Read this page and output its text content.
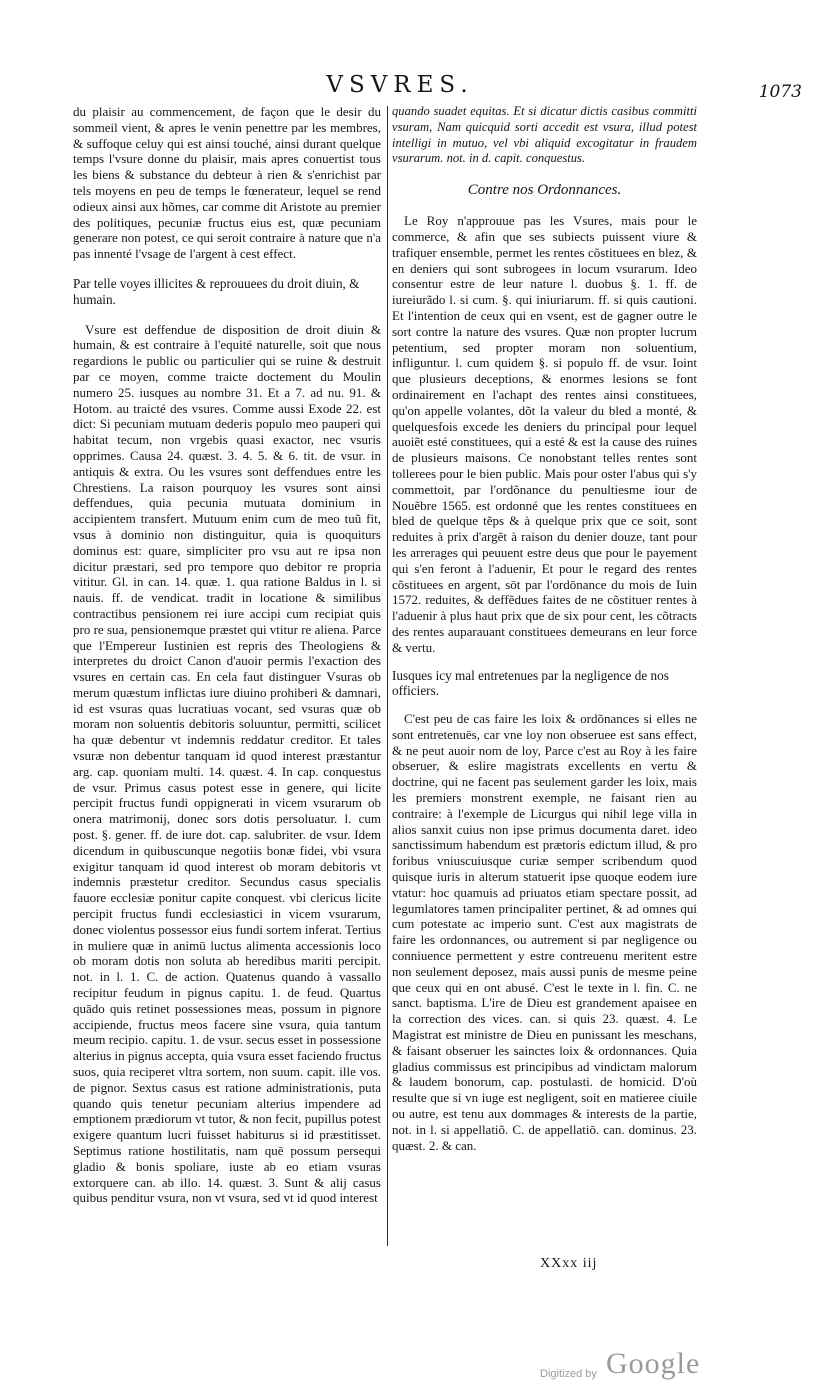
VSVRES.	1073

du plaisir au commencement, de façon que le desir du sommeil vient, & apres le venin penettre par les membres, & suffoque celuy qui est ainsi touché, ainsi durant quelque temps l'vsure donne du plaisir, mais apres conuertist tous les biens & substance du debteur à rien & s'enrichist par tels moyens en peu de temps le fœnerateur, lequel se rend odieux ainsi aux hõmes, car comme dit Aristote au premier des politiques, pecuniæ fructus eius est, quæ pecuniam generare non potest, ce qui seroit contraire à nature que n'a pas innenté l'vsage de l'argent à cest effect.

Par telle voyes illicites & reprouuees du droit diuin, & humain.

Vsure est deffendue de disposition de droit diuin & humain, & est contraire à l'equité naturelle, soit que nous regardions le public ou particulier qui se ruine & destruit par ce moyen, comme traicte doctement du Moulin numero 25. iusques au nombre 31. Et a 7. ad nu. 91. & Hotom. au traicté des vsures. Comme aussi Exode 22. est dict: Si pecuniam mutuam dederis populo meo pauperi qui habitat tecum, non vrgebis quasi exactor, nec vsuris opprimes. Causa 24. quæst. 3. 4. 5. & 6. tit. de vsur. in antiquis & extra. Ou les vsures sont deffendues entre les Chrestiens. La raison pourquoy les vsures sont ainsi deffendues, quia pecunia mutuata dominium in accipientem transfert. Mutuum enim cum de meo tuũ fit, vsus à dominio non distinguitur, quia is quoquiturs dominus est: quare, simpliciter pro vsu aut re ipsa non dicitur præstari, sed pro tempore quo debitor re propria vititur. Gl. in can. 14. quæ. 1. qua ratione Baldus in l. si nauis. ff. de vendicat. tradit in locatione & similibus contractibus pensionem rei iure accipi cum recipiat quis pro re sua, pensionemque præstet qui vtitur re aliena. Parce que l'Empereur Iustinien est repris des Theologiens & interpretes du droict Canon d'auoir permis l'exaction des vsures en certain cas. En cela faut distinguer Vsuras ob merum quæstum inflictas iure diuino prohiberi & damnari, id est vsuras quas lucratiuas vocant, sed vsuras quæ ob moram non soluentis debitoris soluuntur, permitti, scilicet ha quæ debentur vt indemnis reddatur creditor. Et tales vsuræ non debentur tanquam id quod interest præstantur arg. cap. quoniam multi. 14. quæst. 4. In cap. conquestus de vsur. Primus casus potest esse in genere, qui licite percipit fructus fundi oppignerati in vicem vsurarum ob onera matrimonij, donec sors dotis persoluatur. l. cum post. §. gener. ff. de iure dot. cap. salubriter. de vsur. Idem dicendum in quibuscunque negotiis bonæ fidei, vbi vsura exigitur tanquam id quod interest ob moram debitoris vt indemnis præstetur creditor. Secundus casus specialis fauore ecclesiæ ponitur capite conquest. vbi clericus licite percipit fructus fundi ecclesiastici in vicem vsurarum, donec violentus possessor eius fundi sortem inferat. Tertius in muliere quæ in animū luctus alimenta accessionis loco ob moram dotis non soluta ab heredibus mariti percipit. not. in l. 1. C. de action. Quatenus quando à vassallo recipitur feudum in pignus capitu. 1. de feud. Quartus quādo quis retinet possessiones meas, possum in pignore accipiende, fructus meos facere sine vsura, quia tantum meum recipio. capitu. 1. de vsur. secus esset in possessione alterius in pignus accepta, quia vsura esset faciendo fructus suos, quia reciperet vltra sortem, non suum. capit. ille vos. de pignor. Sextus casus est ratione administrationis, puta quando quis tenetur pecuniam alterius impendere ad emptionem prædiorum vt tutor, & non fecit, pupillus potest exigere quantum lucri fuisset habiturus si id præstitisset. Septimus ratione hostilitatis, nam quē possum persequi gladio & bonis spoliare, iuste ab eo etiam vsuras extorquere can. ab illo. 14. quæst. 3. Sunt & alij casus quibus penditur vsura, non vt vsura, sed vt id quod interest

quando suadet equitas. Et si dicatur dictis casibus committi vsuram, Nam quicquid sorti accedit est vsura, illud potest intelligi in mutuo, vel vbi aliquid excogitatur in fraudem vsurarum. not. in d. capit. conquestus.

Contre nos Ordonnances.

Le Roy n'approuue pas les Vsures, mais pour le commerce, & afin que ses subiects puissent viure & trafiquer ensemble, permet les rentes cõstituees en blez, & en deniers qui sont subrogees in locum vsurarum. Ideo consentur estre de leur nature l. duobus §. 1. ff. de iureiurãdo l. si cum. §. qui iniuriarum. ff. si quis cautioni. Et l'intention de ceux qui en vsent, est de gagner outre le sort contre la nature des vsures. Quæ non propter lucrum petentium, sed propter moram non soluentium, infliguntur. l. cum quidem §. si populo ff. de vsur. Ioint que plusieurs deceptions, & enormes lesions se font ordinairement en l'achapt des rentes ainsi constituees, qu'on appelle volantes, dõt la valeur du bled a monté, & quelquesfois excede les deniers du principal pour lequel auoiẽt esté constituees, qui a esté & est la cause des ruines de plusieurs maisons. Ce nonobstant telles rentes sont tollerees pour le bien public. Mais pour oster l'abus qui s'y commettoit, par l'ordõnance du penultiesme iour de Nouẽbre 1565. est ordonné que les rentes constituees en bled de quelque tẽps & à quelque prix que ce soit, sont reduites à prix d'argẽt à raison du denier douze, tant pour les arrerages qui peuuent estre deus que pour le payement qui s'en feront à l'aduenir, Et pour le regard des rentes cõstituees en argent, sōt par l'ordōnance du mois de Iuin 1572. reduites, & deffẽdues faites de ne cõstituer rentes à l'aduenir à plus haut prix que de six pour cent, les cõtracts des rentes auparauant constituees demeurans en leur force & vertu.

Iusques icy mal entretenues par la negligence de nos officiers.

C'est peu de cas faire les loix & ordõnances si elles ne sont entretenuës, car vne loy non obseruee est sans effect, & ne peut auoir nom de loy, Parce c'est au Roy à les faire obseruer, & eslire magistrats excellents en vertu & doctrine, qui ne facent pas seulement garder les loix, mais les premiers monstrent exemple, ne faisant rien au contraire: à l'exemple de Licurgus qui nihil lege villa in alios sanxit cuius non ipse primus documenta daret. ideo sanctissimum habendum est prætoris edictum illud, & pro foribus vniuscuiusque curiæ semper scribendum quod quisque iuris in alterum statuerit ipse quoque eodem iure vtatur: hoc quamuis ad priuatos etiam spectare possit, ad legumlatores tamen principaliter pertinet, & ad omnes qui cum potestate ac imperio sunt. C'est aux magistrats de faire les ordonnances, ou autrement si par negligence ou conniuence permettent y estre contreuenu meritent estre non seulement deposez, mais aussi punis de mesme peine que ceux qui en ont abusé. C'est le texte in l. fin. C. ne sanct. baptisma. L'ire de Dieu est grandement apaisee en la correction des vices. can. si quis 23. quæst. 4. Le Magistrat est ministre de Dieu en punissant les meschans, & faisant obseruer les sainctes loix & ordonnances. Quia gladius commissus est principibus ad vindictam malorum & laudem bonorum, cap. postulasti. de homicid. D'où resulte que si vn iuge est negligent, soit en matieree ciuile ou autre, est tenu aux dommages & interests de la partie, not. in l. si appellatiõ. C. de appellatiō. can. dominus. 23. quæst. 2. & can.

XXxx iij
Digitized by Google
